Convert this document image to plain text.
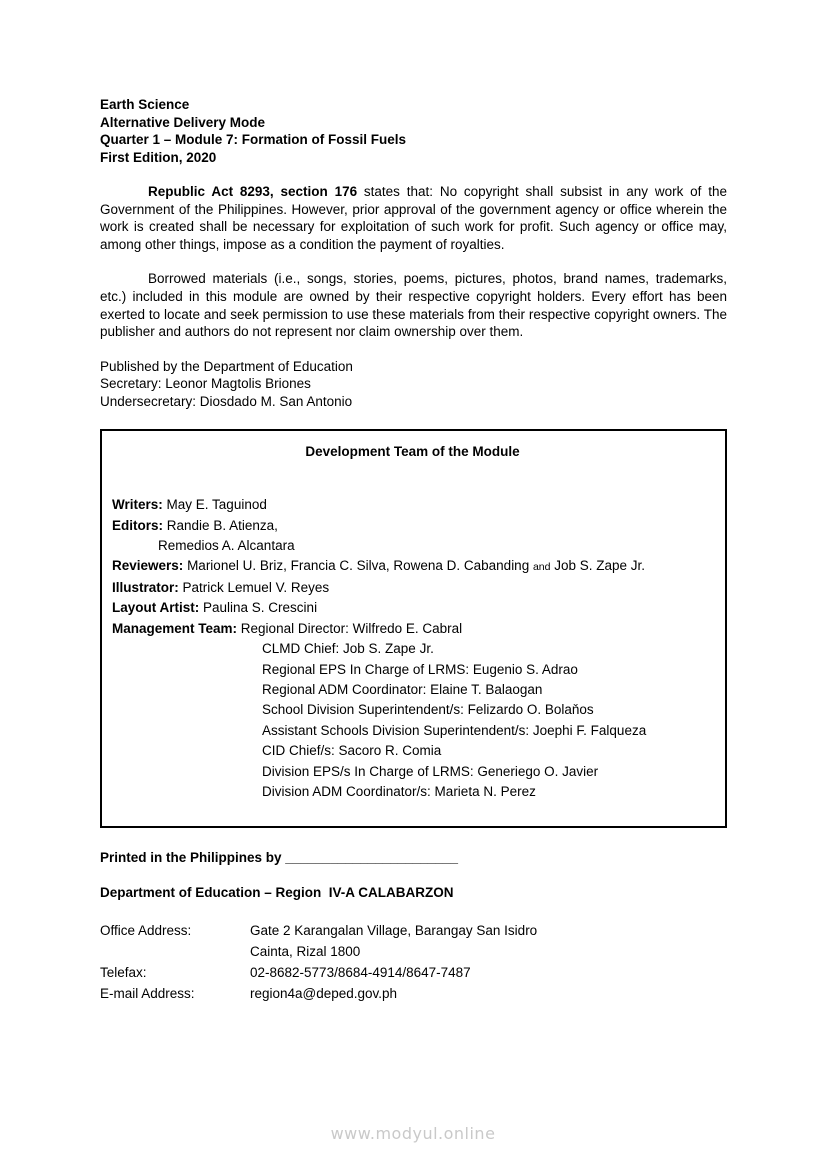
Earth Science
Alternative Delivery Mode
Quarter 1 – Module 7: Formation of Fossil Fuels
First Edition, 2020

Republic Act 8293, section 176 states that: No copyright shall subsist in any work of the Government of the Philippines. However, prior approval of the government agency or office wherein the work is created shall be necessary for exploitation of such work for profit. Such agency or office may, among other things, impose as a condition the payment of royalties.

Borrowed materials (i.e., songs, stories, poems, pictures, photos, brand names, trademarks, etc.) included in this module are owned by their respective copyright holders. Every effort has been exerted to locate and seek permission to use these materials from their respective copyright owners. The publisher and authors do not represent nor claim ownership over them.

Published by the Department of Education
Secretary: Leonor Magtolis Briones
Undersecretary: Diosdado M. San Antonio
Development Team of the Module
Writers: May E. Taguinod
Editors: Randie B. Atienza,
Remedios A. Alcantara
Reviewers: Marionel U. Briz, Francia C. Silva, Rowena D. Cabanding and Job S. Zape Jr.
Illustrator: Patrick Lemuel V. Reyes
Layout Artist: Paulina S. Crescini
Management Team: Regional Director: Wilfredo E. Cabral
CLMD Chief: Job S. Zape Jr.
Regional EPS In Charge of LRMS: Eugenio S. Adrao
Regional ADM Coordinator: Elaine T. Balaogan
School Division Superintendent/s: Felizardo O. Bolaňos
Assistant Schools Division Superintendent/s: Joephi F. Falqueza
CID Chief/s: Sacoro R. Comia
Division EPS/s In Charge of LRMS: Generiego O. Javier
Division ADM Coordinator/s: Marieta N. Perez
Printed in the Philippines by _______________________
Department of Education – Region  IV-A CALABARZON
Office Address:	Gate 2 Karangalan Village, Barangay San Isidro
Cainta, Rizal 1800
Telefax:	02-8682-5773/8684-4914/8647-7487
E-mail Address:	region4a@deped.gov.ph
www.modyul.online
